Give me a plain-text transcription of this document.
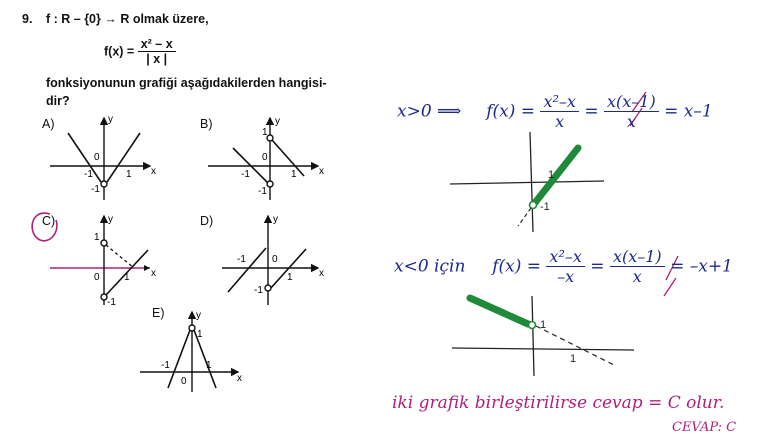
9. f : R – {0} → R olmak üzere,
$f(x) = \frac{\text{x² – x}}{| x |}$
fonksiyonunun grafiği aşağıdakilerden hangisi-
dir?
A)	B)
C)	D)
E)
y
x
0
-1	1
-1
y
x
1
-1
0
1
-1
y
x
1
0 1
-1
y
x
-1	0
1
-1
y
x
1
-1
0
1
1
-1
1
1
x>0 ⟹ $f(x) = \frac{\text{x²–x}}{x} = \frac{x(x-1)}{x} = x-1$
x<0 için $f(x) = \frac{\text{x²–x}}{-x} = \frac{x(x-1)}{x} = -x+1$
iki grafik birleştirilirse cevap = C olur.
CEVAP: C
